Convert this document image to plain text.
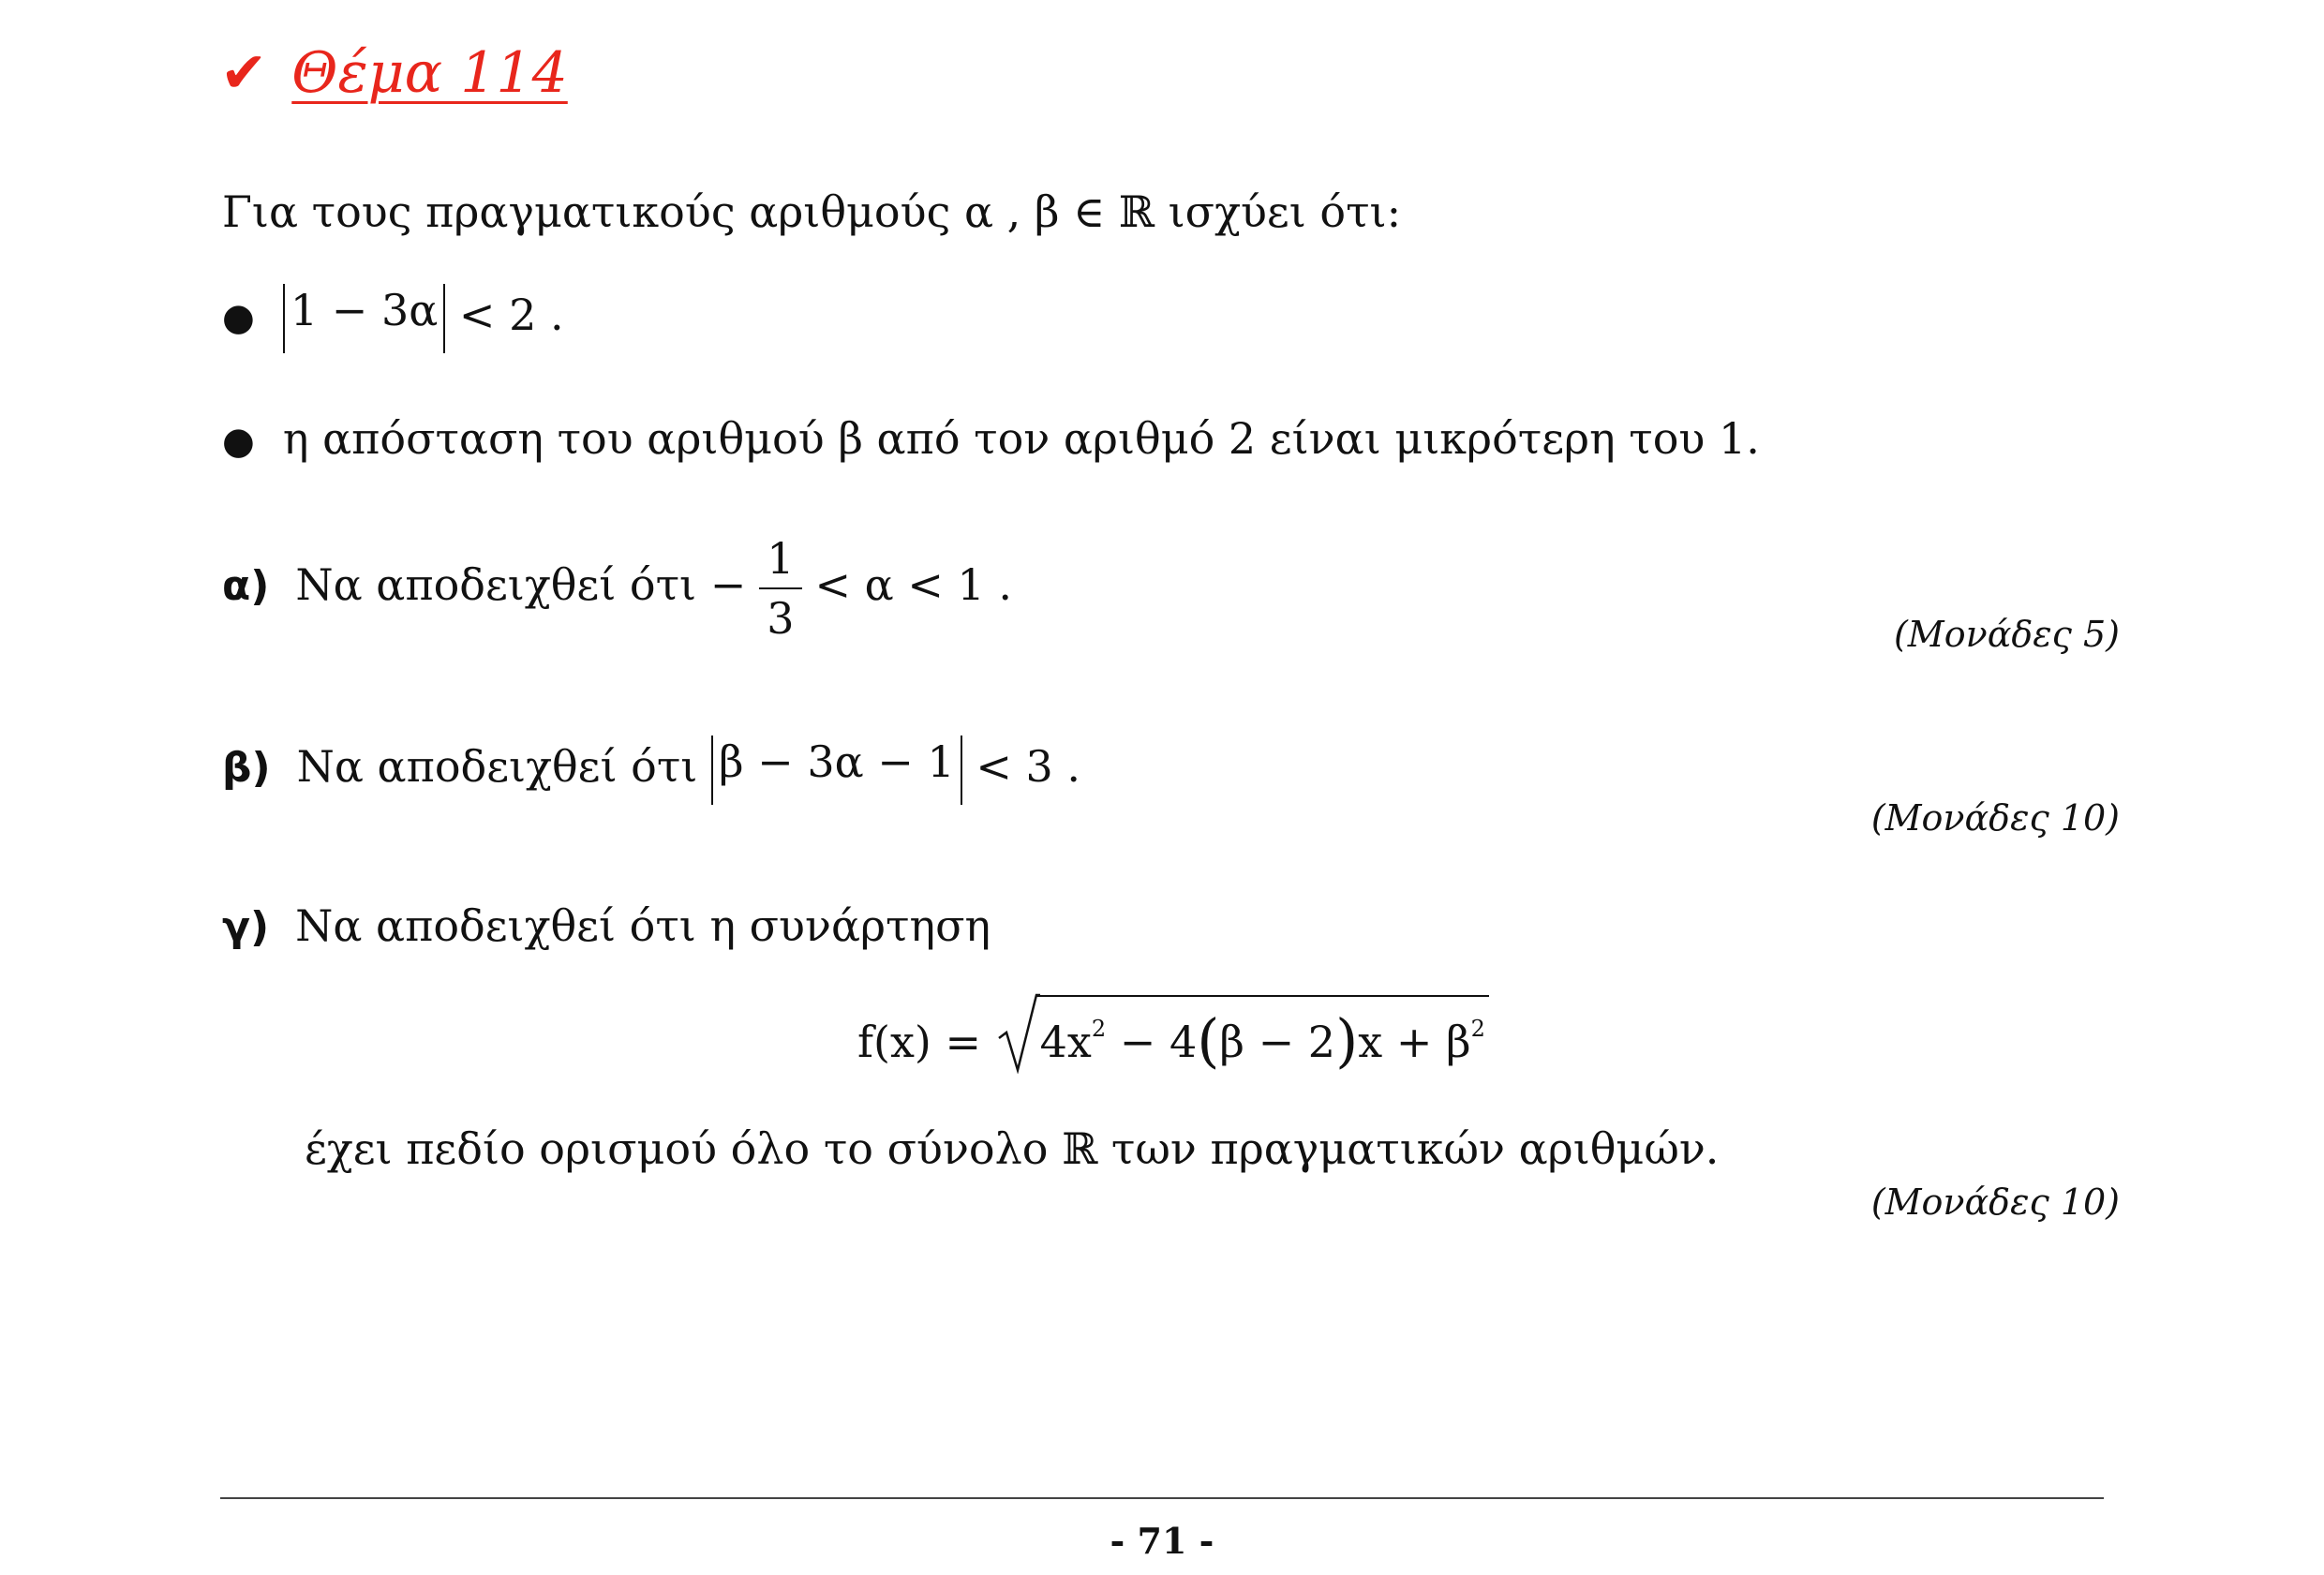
✔ Θέμα 114
Για τους πραγματικούς αριθμούς α , β ∈ ℝ ισχύει ότι:
● 1 − 3α < 2 .
● η απόσταση του αριθμού β από τον αριθμό 2 είναι μικρότερη του 1.
α) Να αποδειχθεί $ό\tau\iota - \frac{1}{3} < \alpha < 1$ .
(Μονάδες 5)
β) Να αποδειχθεί ότι β − 3α − 1 < 3 .
(Μονάδες 10)
γ) Να αποδειχθεί ότι η συνάρτηση
$f(x) = 4x^2 - 4(\beta - 2)x + \beta^2$
έχει πεδίο ορισμού όλο το σύνολο ℝ των πραγματικών αριθμών.
(Μονάδες 10)
- 71 -
